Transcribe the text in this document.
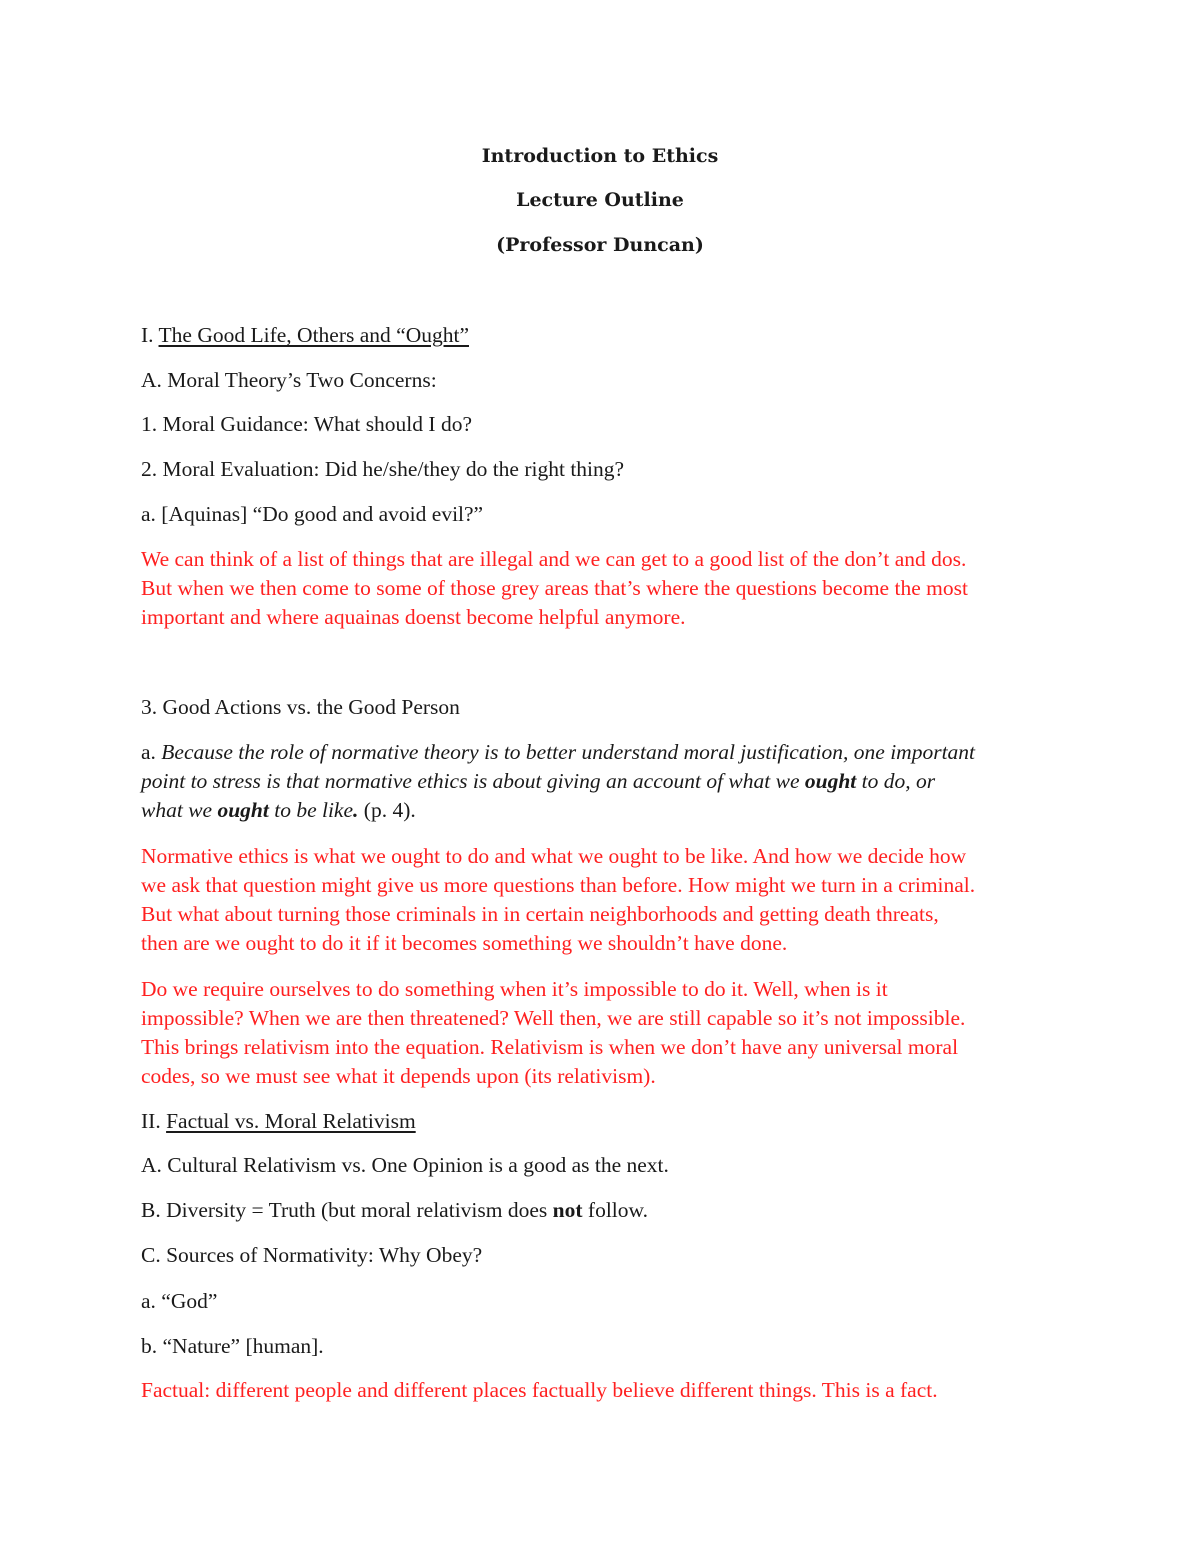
Introduction to Ethics
Lecture Outline
(Professor Duncan)
I. The Good Life, Others and “Ought”
A. Moral Theory’s Two Concerns:
1. Moral Guidance: What should I do?
2. Moral Evaluation: Did he/she/they do the right thing?
a. [Aquinas] “Do good and avoid evil?”
We can think of a list of things that are illegal and we can get to a good list of the don’t and dos.
But when we then come to some of those grey areas that’s where the questions become the most
important and where aquainas doenst become helpful anymore.
3. Good Actions vs. the Good Person
a. Because the role of normative theory is to better understand moral justification, one important
point to stress is that normative ethics is about giving an account of what we ought to do, or
what we ought to be like. (p. 4).
Normative ethics is what we ought to do and what we ought to be like. And how we decide how
we ask that question might give us more questions than before. How might we turn in a criminal.
But what about turning those criminals in in certain neighborhoods and getting death threats,
then are we ought to do it if it becomes something we shouldn’t have done.
Do we require ourselves to do something when it’s impossible to do it. Well, when is it
impossible? When we are then threatened? Well then, we are still capable so it’s not impossible.
This brings relativism into the equation. Relativism is when we don’t have any universal moral
codes, so we must see what it depends upon (its relativism).
II. Factual vs. Moral Relativism
A. Cultural Relativism vs. One Opinion is a good as the next.
B. Diversity = Truth (but moral relativism does not follow.
C. Sources of Normativity: Why Obey?
a. “God”
b. “Nature” [human].
Factual: different people and different places factually believe different things. This is a fact.
